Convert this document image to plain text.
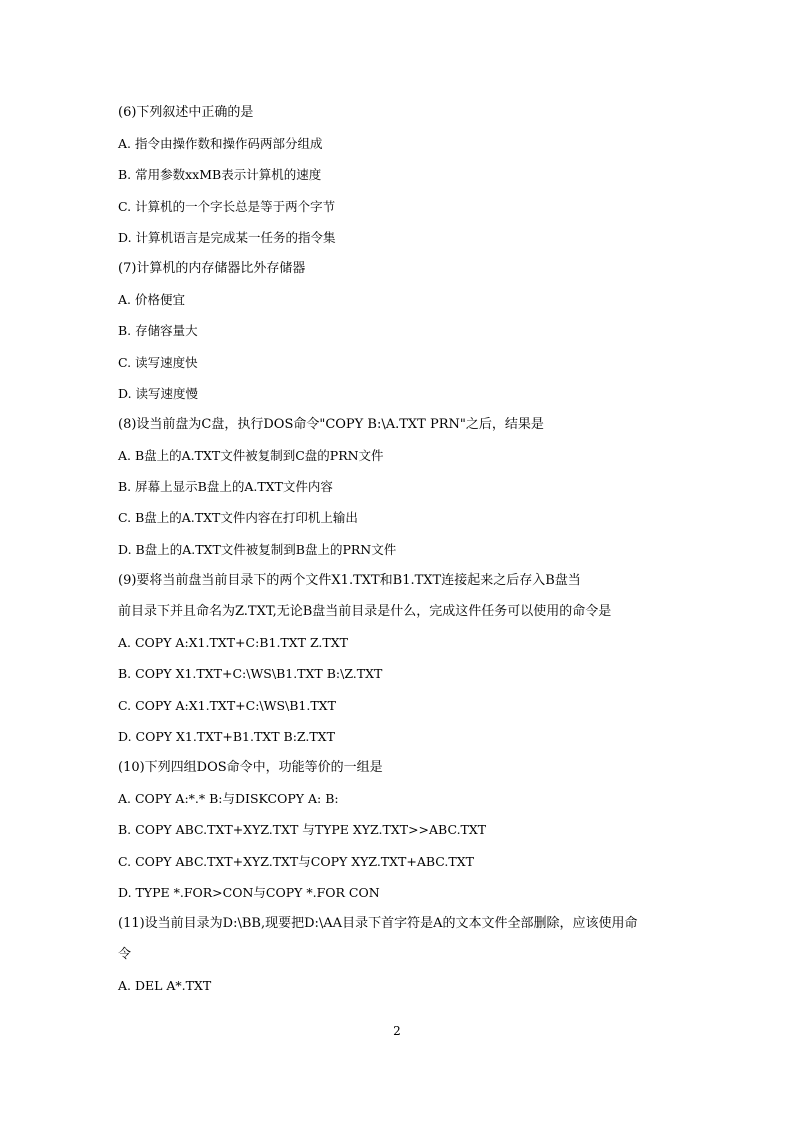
(6)下列叙述中正确的是
A. 指令由操作数和操作码两部分组成
B. 常用参数xxMB表示计算机的速度
C. 计算机的一个字长总是等于两个字节
D. 计算机语言是完成某一任务的指令集
(7)计算机的内存储器比外存储器
A. 价格便宜
B. 存储容量大
C. 读写速度快
D. 读写速度慢
(8)设当前盘为C盘，执行DOS命令"COPY B:\A.TXT PRN"之后，结果是
A. B盘上的A.TXT文件被复制到C盘的PRN文件
B. 屏幕上显示B盘上的A.TXT文件内容
C. B盘上的A.TXT文件内容在打印机上输出
D. B盘上的A.TXT文件被复制到B盘上的PRN文件
(9)要将当前盘当前目录下的两个文件X1.TXT和B1.TXT连接起来之后存入B盘当
前目录下并且命名为Z.TXT,无论B盘当前目录是什么，完成这件任务可以使用的命令是
A. COPY A:X1.TXT+C:B1.TXT Z.TXT
B. COPY X1.TXT+C:\WS\B1.TXT B:\Z.TXT
C. COPY A:X1.TXT+C:\WS\B1.TXT
D. COPY X1.TXT+B1.TXT B:Z.TXT
(10)下列四组DOS命令中，功能等价的一组是
A. COPY A:*.* B:与DISKCOPY A: B:
B. COPY ABC.TXT+XYZ.TXT 与TYPE XYZ.TXT>>ABC.TXT
C. COPY ABC.TXT+XYZ.TXT与COPY XYZ.TXT+ABC.TXT
D. TYPE *.FOR>CON与COPY *.FOR CON
(11)设当前目录为D:\BB,现要把D:\AA目录下首字符是A的文本文件全部删除，应该使用命
令
A. DEL A*.TXT
2
